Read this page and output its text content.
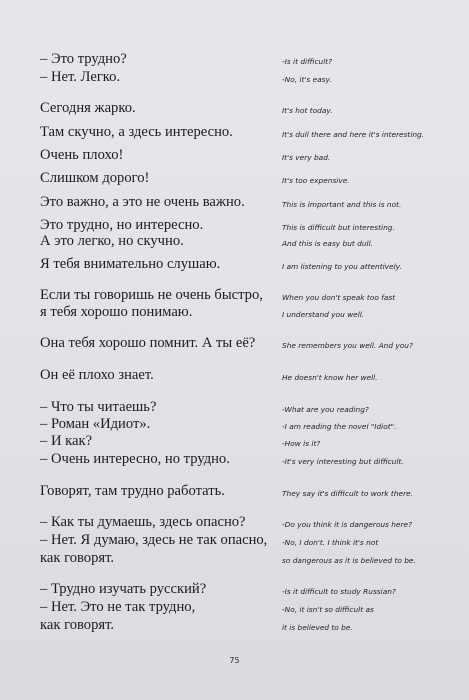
– Это трудно?	-Is it difficult?
– Нет. Легко.	-No, it's easy.
Сегодня жарко.	It's hot today.
Там скучно, а здесь интересно.	It's dull there and here it's interesting.
Очень плохо!	It's very bad.
Слишком дорого!	It's too expensive.
Это важно, а это не очень важно.	This is important and this is not.
Это трудно, но интересно.	This is difficult but interesting.
А это легко, но скучно.	And this is easy but dull.
Я тебя внимательно слушаю.	I am listening to you attentively.
Если ты говоришь не очень быстро,	When you don't speak too fast
я тебя хорошо понимаю.	I understand you well.
Она тебя хорошо помнит. А ты её?	She remembers you well. And you?
Он её плохо знает.	He doesn't know her well.
– Что ты читаешь?	-What are you reading?
– Роман «Идиот».	-I am reading the novel "Idiot".
– И как?	-How is it?
– Очень интересно, но трудно.	-It's very interesting but difficult.
Говорят, там трудно работать.	They say it's difficult to work there.
– Как ты думаешь, здесь опасно?	-Do you think it is dangerous here?
– Нет. Я думаю, здесь не так опасно, -No, I don't. I think it's not
как говорят.	so dangerous as it is believed to be.
– Трудно изучать русский?	-Is it difficult to study Russian?
– Нет. Это не так трудно,	-No, it isn't so difficult as
как говорят.	it is believed to be.
75
